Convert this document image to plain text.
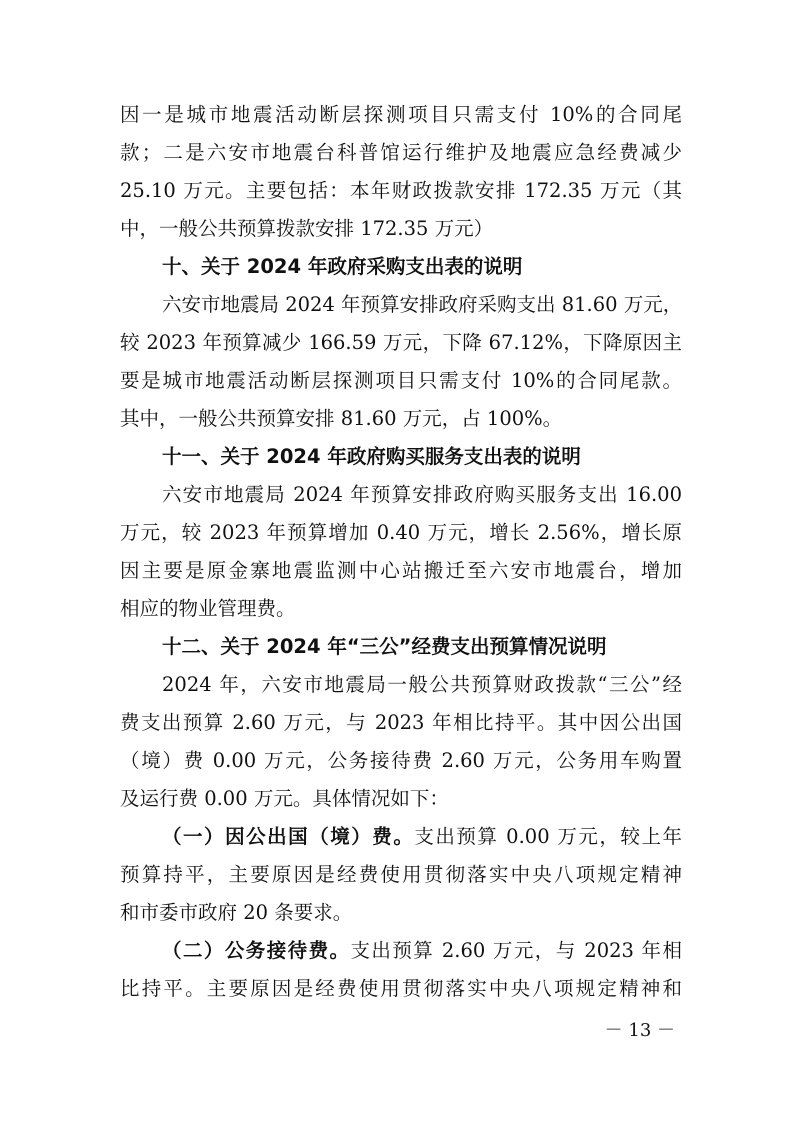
因一是城市地震活动断层探测项目只需支付 10%的合同尾
款；二是六安市地震台科普馆运行维护及地震应急经费减少
25.10 万元。主要包括：本年财政拨款安排 172.35 万元（其
中，一般公共预算拨款安排 172.35 万元）
十、关于 2024 年政府采购支出表的说明
六安市地震局 2024 年预算安排政府采购支出 81.60 万元，
较 2023 年预算减少 166.59 万元，下降 67.12%，下降原因主
要是城市地震活动断层探测项目只需支付 10%的合同尾款。
其中，一般公共预算安排 81.60 万元，占 100%。
十一、关于 2024 年政府购买服务支出表的说明
六安市地震局 2024 年预算安排政府购买服务支出 16.00
万元，较 2023 年预算增加 0.40 万元，增长 2.56%，增长原
因主要是原金寨地震监测中心站搬迁至六安市地震台，增加
相应的物业管理费。
十二、关于 2024 年“三公”经费支出预算情况说明
2024 年，六安市地震局一般公共预算财政拨款“三公”经
费支出预算 2.60 万元，与 2023 年相比持平。其中因公出国
（境）费 0.00 万元，公务接待费 2.60 万元，公务用车购置
及运行费 0.00 万元。具体情况如下：
（一）因公出国（境）费。支出预算 0.00 万元，较上年
预算持平，主要原因是经费使用贯彻落实中央八项规定精神
和市委市政府 20 条要求。
（二）公务接待费。支出预算 2.60 万元，与 2023 年相
比持平。主要原因是经费使用贯彻落实中央八项规定精神和
－ 13 －
